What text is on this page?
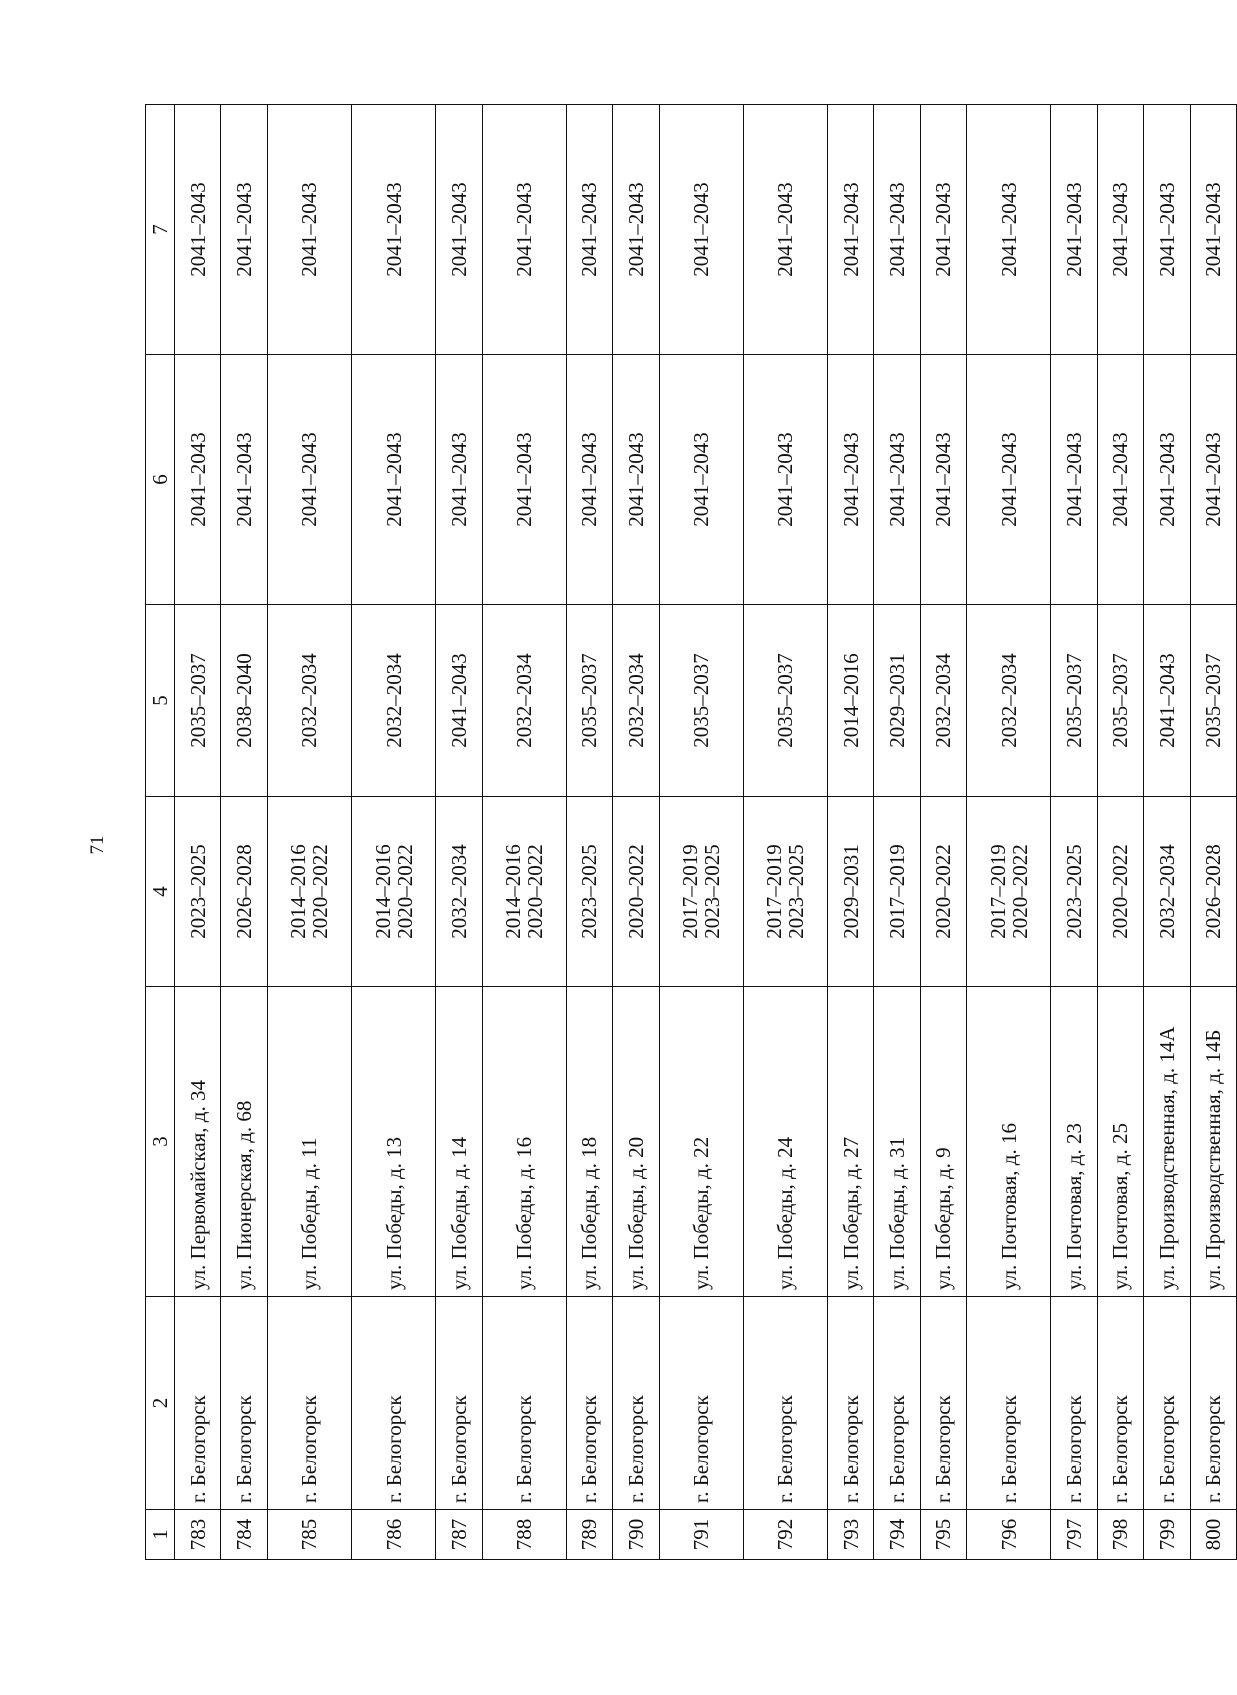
71
1	2	3	4	5	6	7
783	г. Белогорск	ул. Первомайская, д. 34	2023–2025	2035–2037	2041–2043	2041–2043
784	г. Белогорск	ул. Пионерская, д. 68	2026–2028	2038–2040	2041–2043	2041–2043
785	г. Белогорск	ул. Победы, д. 11	2014–2016
2020–2022	2032–2034	2041–2043	2041–2043
786	г. Белогорск	ул. Победы, д. 13	2014–2016
2020–2022	2032–2034	2041–2043	2041–2043
787	г. Белогорск	ул. Победы, д. 14	2032–2034	2041–2043	2041–2043	2041–2043
788	г. Белогорск	ул. Победы, д. 16	2014–2016
2020–2022	2032–2034	2041–2043	2041–2043
789	г. Белогорск	ул. Победы, д. 18	2023–2025	2035–2037	2041–2043	2041–2043
790	г. Белогорск	ул. Победы, д. 20	2020–2022	2032–2034	2041–2043	2041–2043
791	г. Белогорск	ул. Победы, д. 22	2017–2019
2023–2025	2035–2037	2041–2043	2041–2043
792	г. Белогорск	ул. Победы, д. 24	2017–2019
2023–2025	2035–2037	2041–2043	2041–2043
793	г. Белогорск	ул. Победы, д. 27	2029–2031	2014–2016	2041–2043	2041–2043
794	г. Белогорск	ул. Победы, д. 31	2017–2019	2029–2031	2041–2043	2041–2043
795	г. Белогорск	ул. Победы, д. 9	2020–2022	2032–2034	2041–2043	2041–2043
796	г. Белогорск	ул. Почтовая, д. 16	2017–2019
2020–2022	2032–2034	2041–2043	2041–2043
797	г. Белогорск	ул. Почтовая, д. 23	2023–2025	2035–2037	2041–2043	2041–2043
798	г. Белогорск	ул. Почтовая, д. 25	2020–2022	2035–2037	2041–2043	2041–2043
799	г. Белогорск	ул. Производственная, д. 14А	2032–2034	2041–2043	2041–2043	2041–2043
800	г. Белогорск	ул. Производственная, д. 14Б	2026–2028	2035–2037	2041–2043	2041–2043
